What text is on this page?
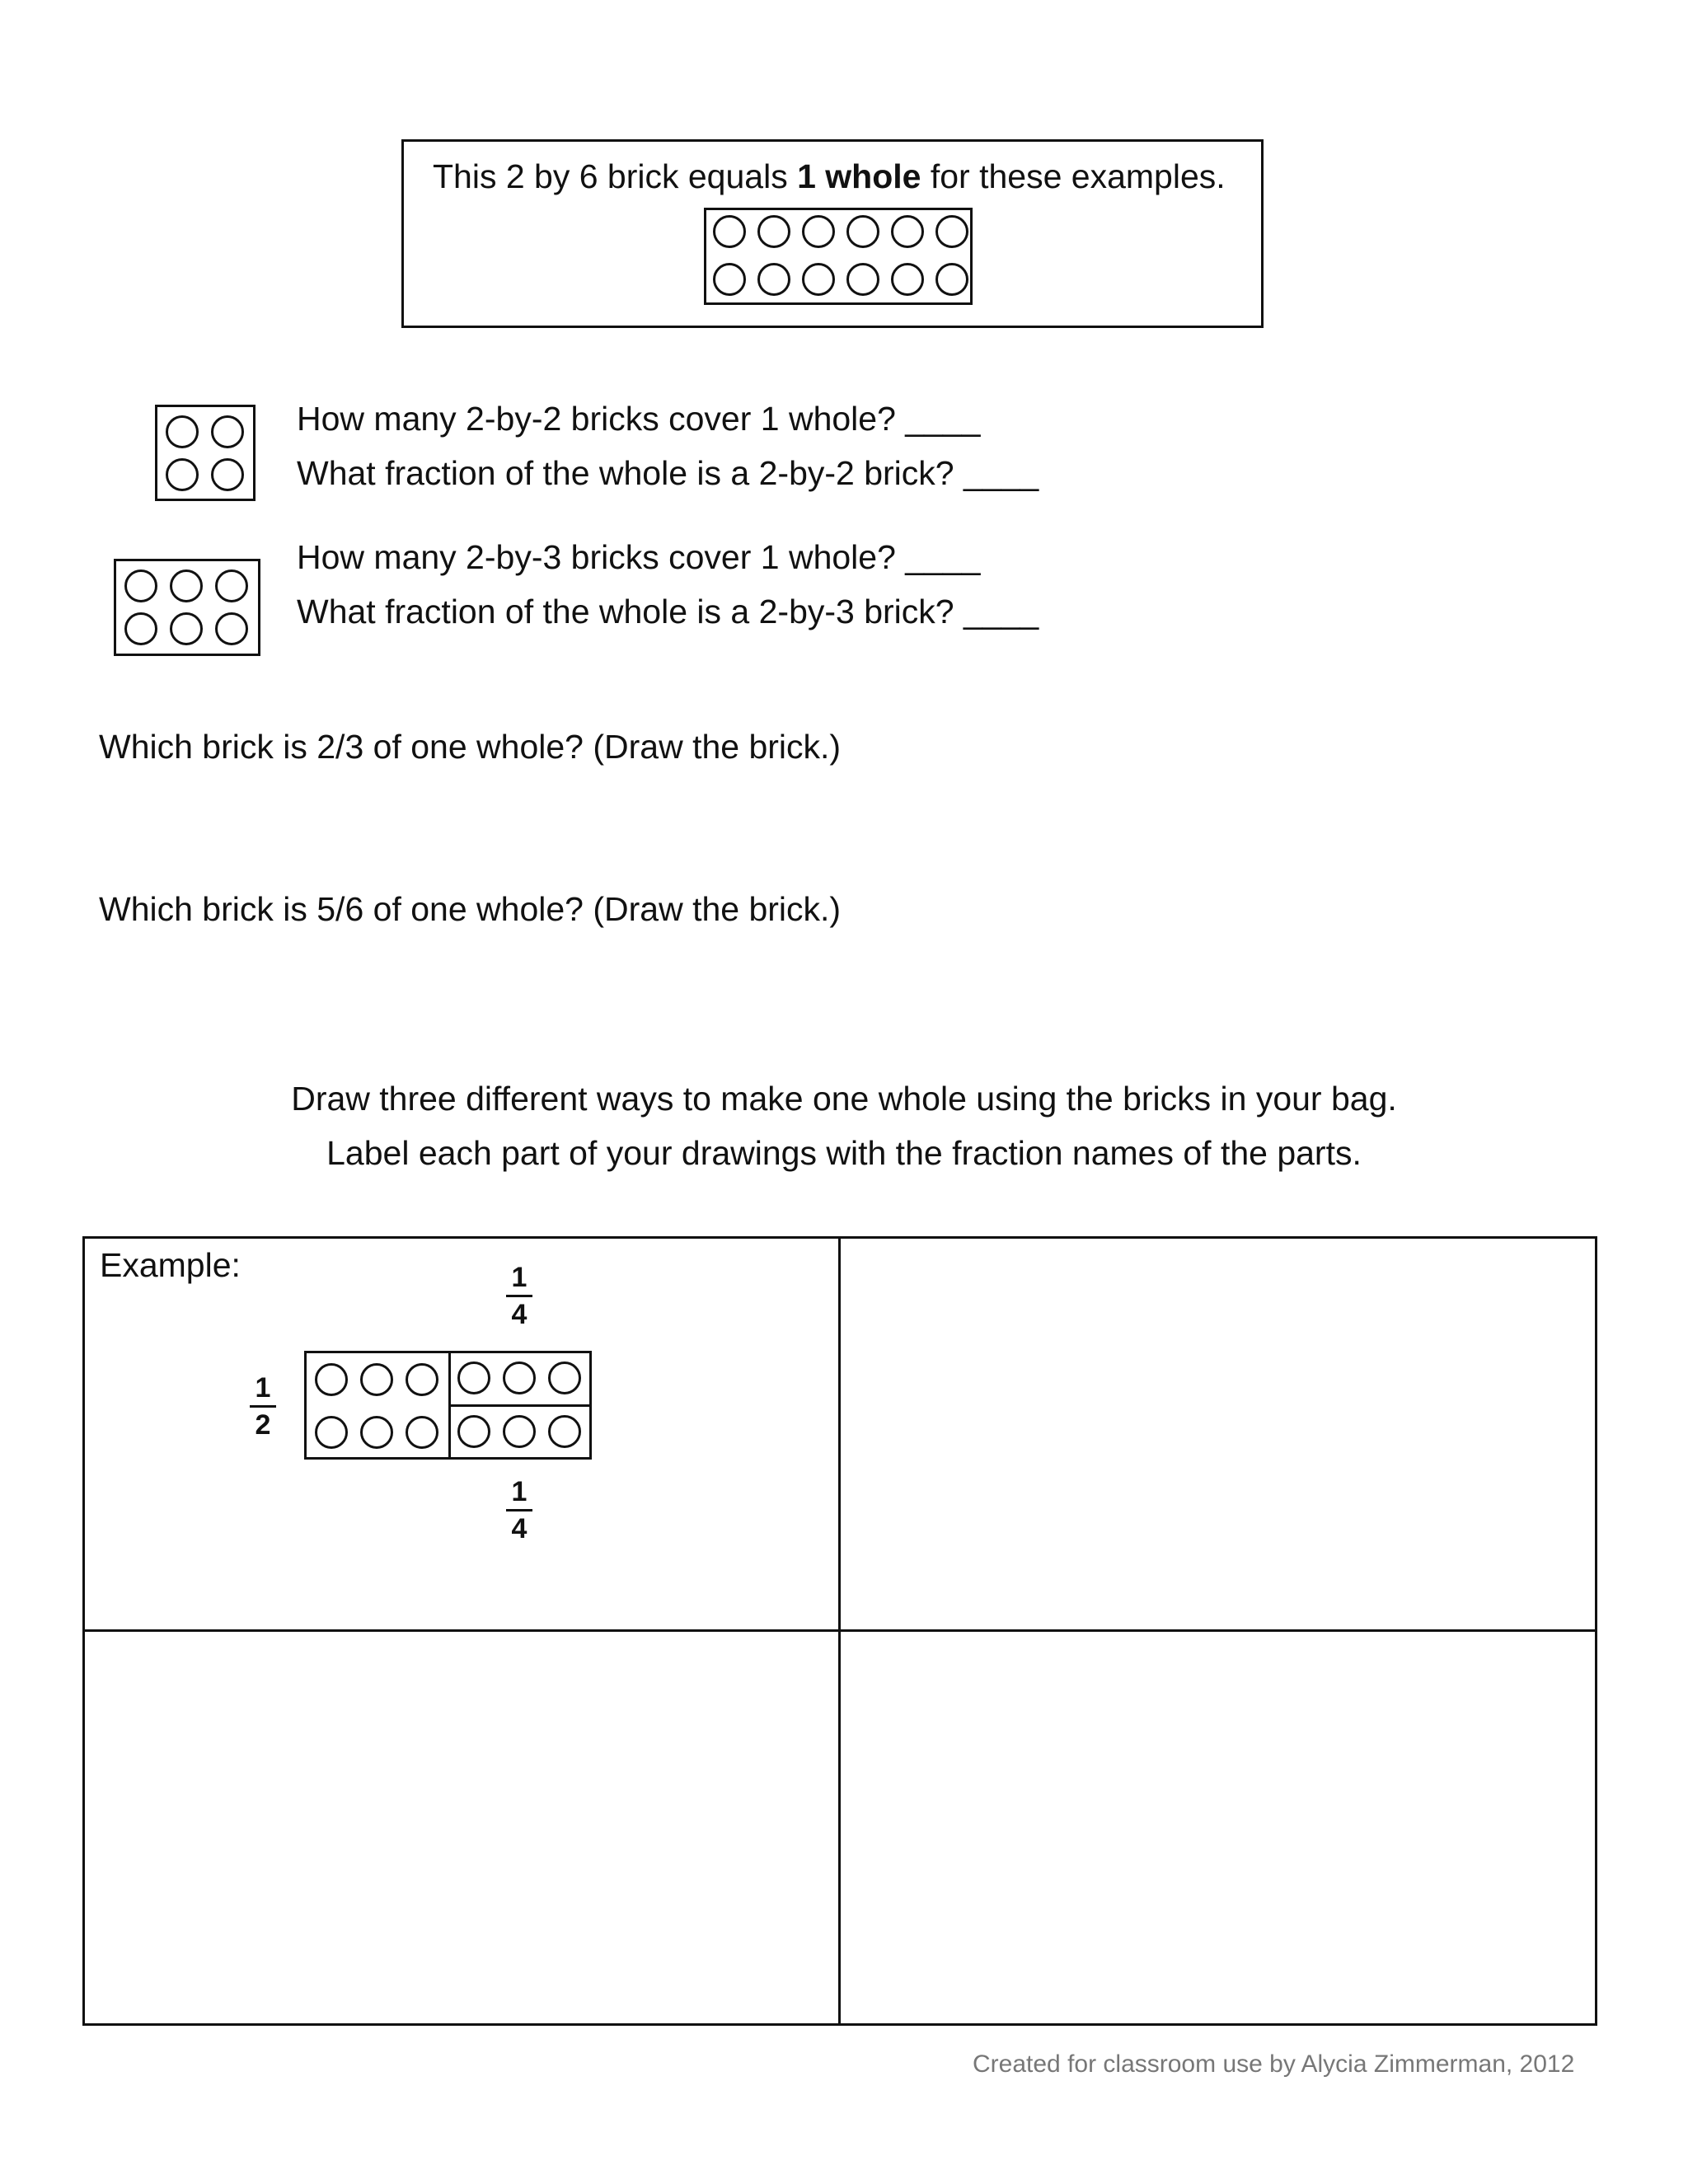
This 2 by 6 brick equals 1 whole for these examples.
How many 2-by-2 bricks cover 1 whole? ____
What fraction of the whole is a 2-by-2 brick? ____
How many 2-by-3 bricks cover 1 whole? ____
What fraction of the whole is a 2-by-3 brick? ____
Which brick is 2/3 of one whole? (Draw the brick.)
Which brick is 5/6 of one whole? (Draw the brick.)
Draw three different ways to make one whole using the bricks in your bag.
Label each part of your drawings with the fraction names of the parts.
Example:	1
4
1
2
1
4
Created for classroom use by Alycia Zimmerman, 2012
